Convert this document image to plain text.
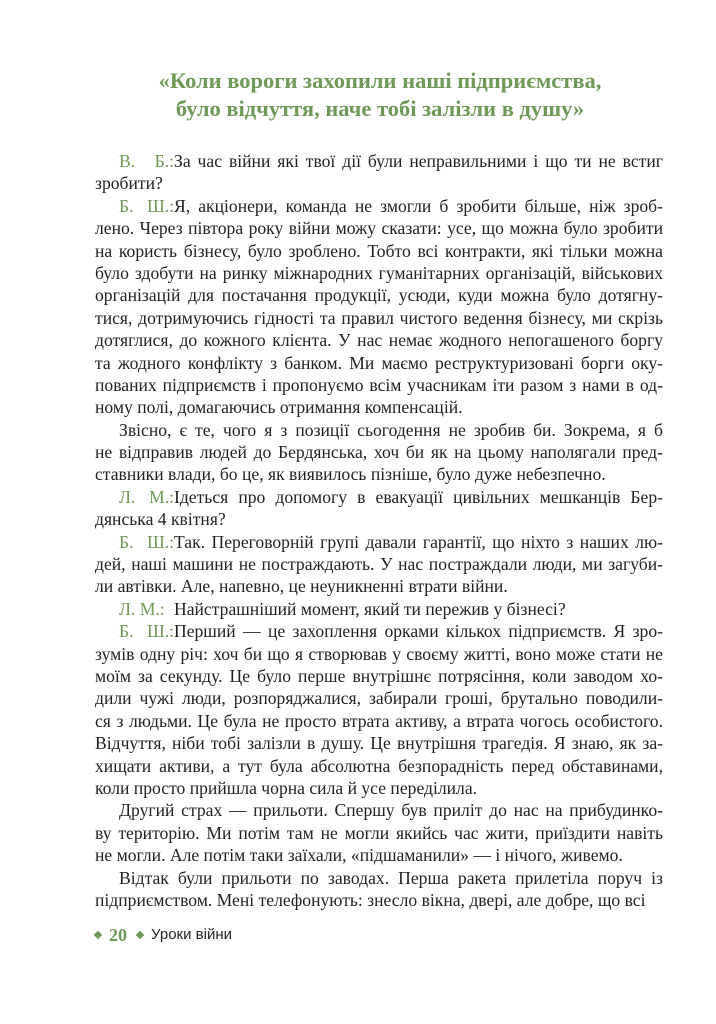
«Коли вороги захопили наші підприємства,
було відчуття, наче тобі залізли в душу»
В. Б.:За час війни які твої дії були неправильними і що ти не встиг
зробити?
Б. Ш.:Я, акціонери, команда не змогли б зробити більше, ніж зроб-
лено. Через півтора року війни можу сказати: усе, що можна було зробити
на користь бізнесу, було зроблено. Тобто всі контракти, які тільки можна
було здобути на ринку міжнародних гуманітарних організацій, військових
організацій для постачання продукції, усюди, куди можна було дотягну-
тися, дотримуючись гідності та правил чистого ведення бізнесу, ми скрізь
дотяглися, до кожного клієнта. У нас немає жодного непогашеного боргу
та жодного конфлікту з банком. Ми маємо реструктуризовані борги оку-
пованих підприємств і пропонуємо всім учасникам іти разом з нами в од-
ному полі, домагаючись отримання компенсацій.
Звісно, є те, чого я з позиції сьогодення не зробив би. Зокрема, я б
не відправив людей до Бердянська, хоч би як на цьому наполягали пред-
ставники влади, бо це, як виявилось пізніше, було дуже небезпечно.
Л. М.:Ідеться про допомогу в евакуації цивільних мешканців Бер-
дянська 4 квітня?
Б. Ш.:Так. Переговорній групі давали гарантії, що ніхто з наших лю-
дей, наші машини не постраждають. У нас постраждали люди, ми загуби-
ли автівки. Але, напевно, це неуникненні втрати війни.
Л. М.: Найстрашніший момент, який ти пережив у бізнесі?
Б. Ш.:Перший — це захоплення орками кількох підприємств. Я зро-
зумів одну річ: хоч би що я створював у своєму житті, воно може стати не
моїм за секунду. Це було перше внутрішнє потрясіння, коли заводом хо-
дили чужі люди, розпоряджалися, забирали гроші, брутально поводили-
ся з людьми. Це була не просто втрата активу, а втрата чогось особистого.
Відчуття, ніби тобі залізли в душу. Це внутрішня трагедія. Я знаю, як за-
хищати активи, а тут була абсолютна безпорадність перед обставинами,
коли просто прийшла чорна сила й усе переділила.
Другий страх — прильоти. Спершу був приліт до нас на прибудинко-
ву територію. Ми потім там не могли якийсь час жити, приїздити навіть
не могли. Але потім таки заїхали, «підшаманили» — і нічого, живемо.
Відтак були прильоти по заводах. Перша ракета прилетіла поруч із
підприємством. Мені телефонують: знесло вікна, двері, але добре, що всі
20 Уроки війни
